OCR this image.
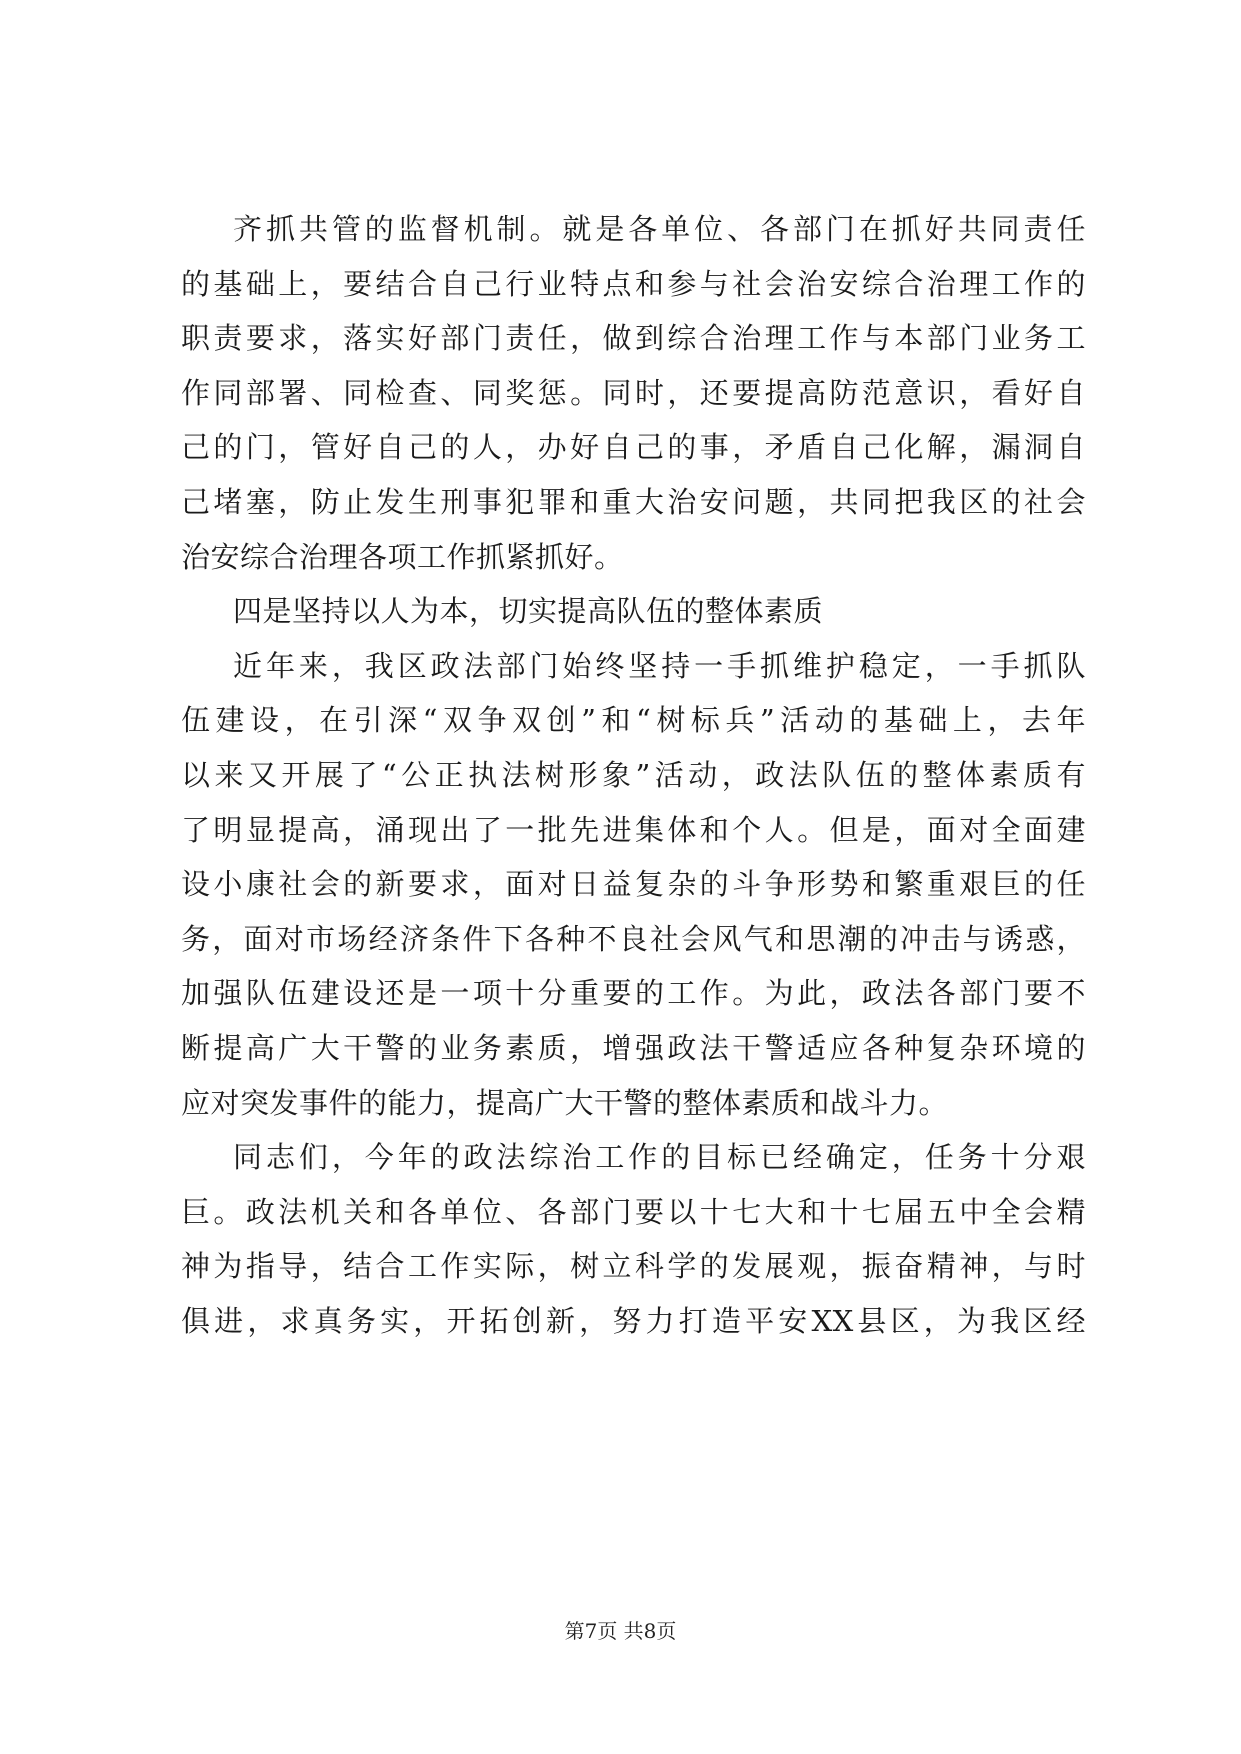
齐抓共管的监督机制。就是各单位、各部门在抓好共同责任
的基础上，要结合自己行业特点和参与社会治安综合治理工作的
职责要求，落实好部门责任，做到综合治理工作与本部门业务工
作同部署、同检查、同奖惩。同时，还要提高防范意识，看好自
己的门，管好自己的人，办好自己的事，矛盾自己化解，漏洞自
己堵塞，防止发生刑事犯罪和重大治安问题，共同把我区的社会
治安综合治理各项工作抓紧抓好。
四是坚持以人为本，切实提高队伍的整体素质
近年来，我区政法部门始终坚持一手抓维护稳定，一手抓队
伍建设，在引深“双争双创”和“树标兵”活动的基础上，去年
以来又开展了“公正执法树形象”活动，政法队伍的整体素质有
了明显提高，涌现出了一批先进集体和个人。但是，面对全面建
设小康社会的新要求，面对日益复杂的斗争形势和繁重艰巨的任
务，面对市场经济条件下各种不良社会风气和思潮的冲击与诱惑，
加强队伍建设还是一项十分重要的工作。为此，政法各部门要不
断提高广大干警的业务素质，增强政法干警适应各种复杂环境的
应对突发事件的能力，提高广大干警的整体素质和战斗力。
同志们，今年的政法综治工作的目标已经确定，任务十分艰
巨。政法机关和各单位、各部门要以十七大和十七届五中全会精
神为指导，结合工作实际，树立科学的发展观，振奋精神，与时
俱进，求真务实，开拓创新，努力打造平安XX县区，为我区经
第7页 共8页
